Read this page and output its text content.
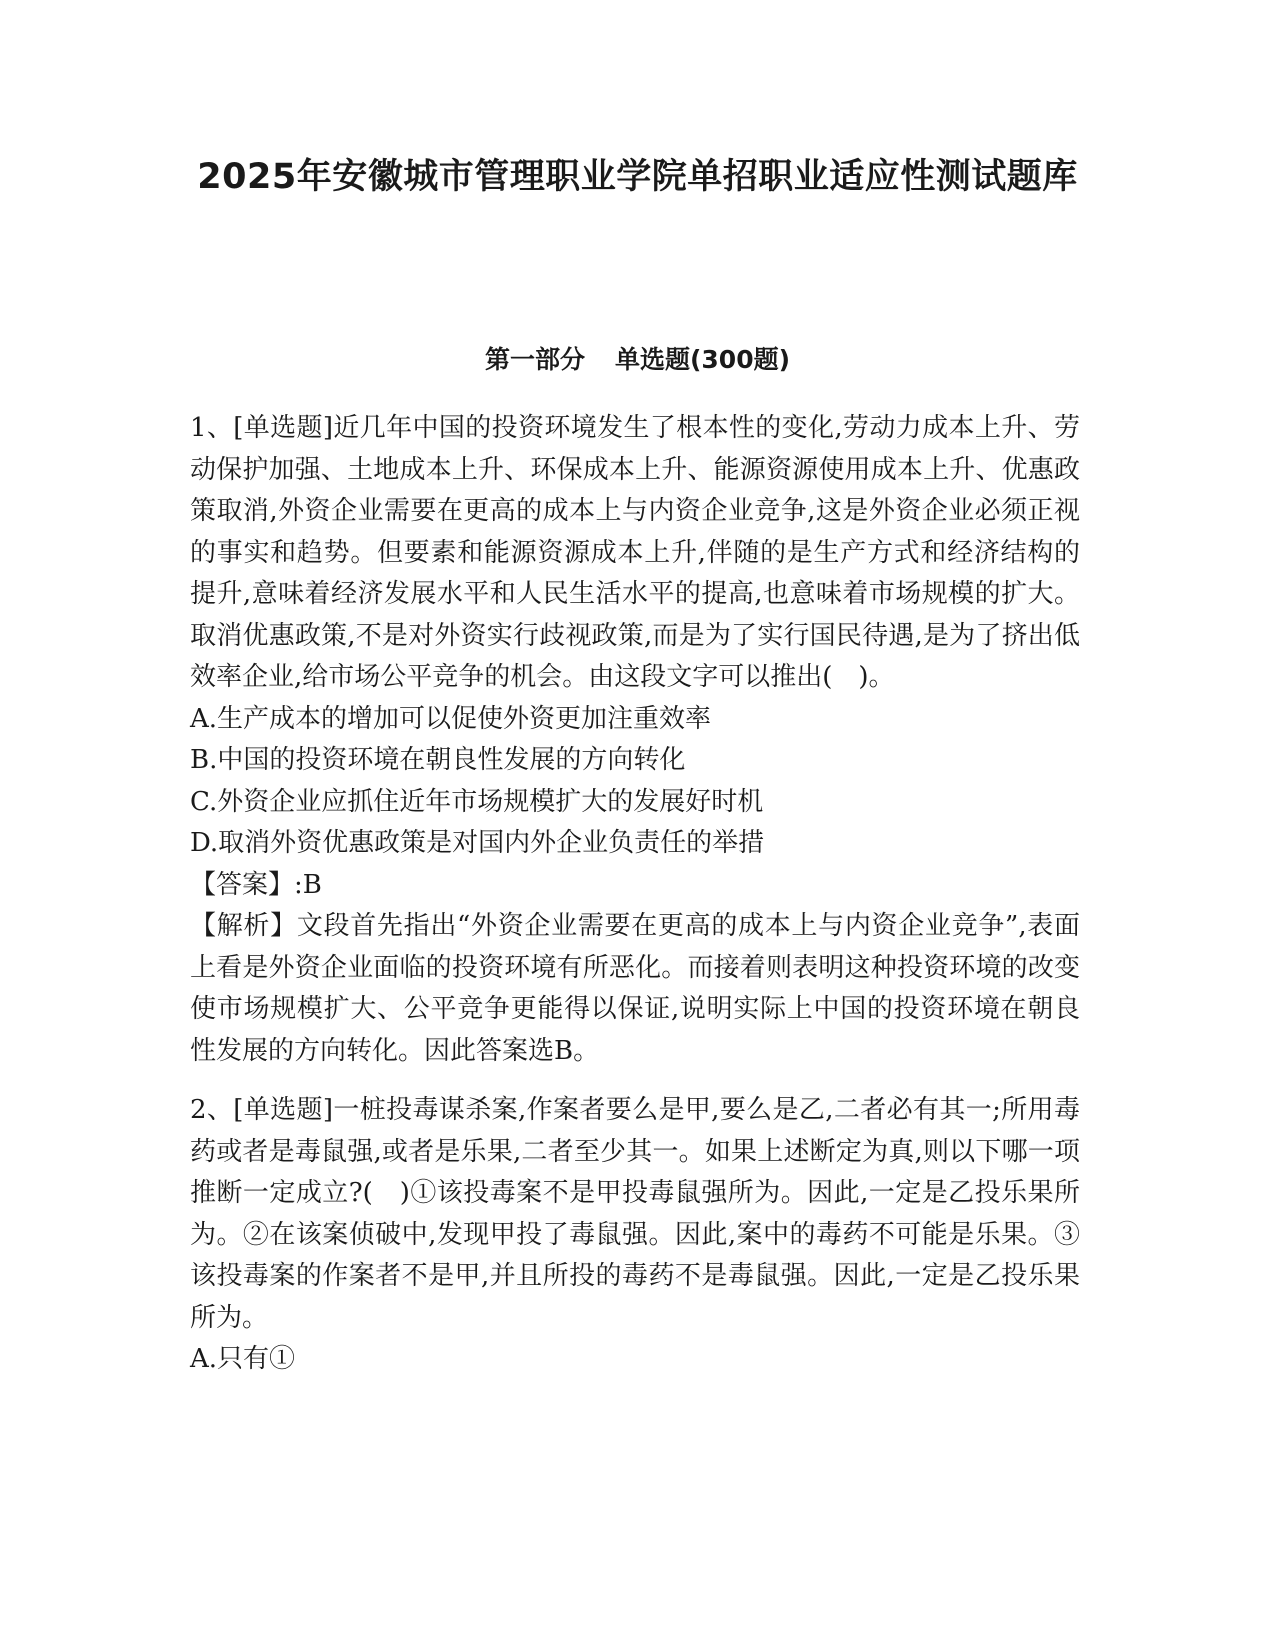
2025年安徽城市管理职业学院单招职业适应性测试题库
第一部分 单选题(300题)

1、[单选题]近几年中国的投资环境发生了根本性的变化,劳动力成本上升、劳动保护加强、土地成本上升、环保成本上升、能源资源使用成本上升、优惠政策取消,外资企业需要在更高的成本上与内资企业竞争,这是外资企业必须正视的事实和趋势。但要素和能源资源成本上升,伴随的是生产方式和经济结构的提升,意味着经济发展水平和人民生活水平的提高,也意味着市场规模的扩大。取消优惠政策,不是对外资实行歧视政策,而是为了实行国民待遇,是为了挤出低效率企业,给市场公平竞争的机会。由这段文字可以推出(　)。

A.生产成本的增加可以促使外资更加注重效率

B.中国的投资环境在朝良性发展的方向转化

C.外资企业应抓住近年市场规模扩大的发展好时机

D.取消外资优惠政策是对国内外企业负责任的举措

【答案】:B

【解析】文段首先指出“外资企业需要在更高的成本上与内资企业竞争”,表面上看是外资企业面临的投资环境有所恶化。而接着则表明这种投资环境的改变使市场规模扩大、公平竞争更能得以保证,说明实际上中国的投资环境在朝良性发展的方向转化。因此答案选B。

2、[单选题]一桩投毒谋杀案,作案者要么是甲,要么是乙,二者必有其一;所用毒药或者是毒鼠强,或者是乐果,二者至少其一。如果上述断定为真,则以下哪一项推断一定成立?(　)①该投毒案不是甲投毒鼠强所为。因此,一定是乙投乐果所为。②在该案侦破中,发现甲投了毒鼠强。因此,案中的毒药不可能是乐果。③该投毒案的作案者不是甲,并且所投的毒药不是毒鼠强。因此,一定是乙投乐果所为。

A.只有①
